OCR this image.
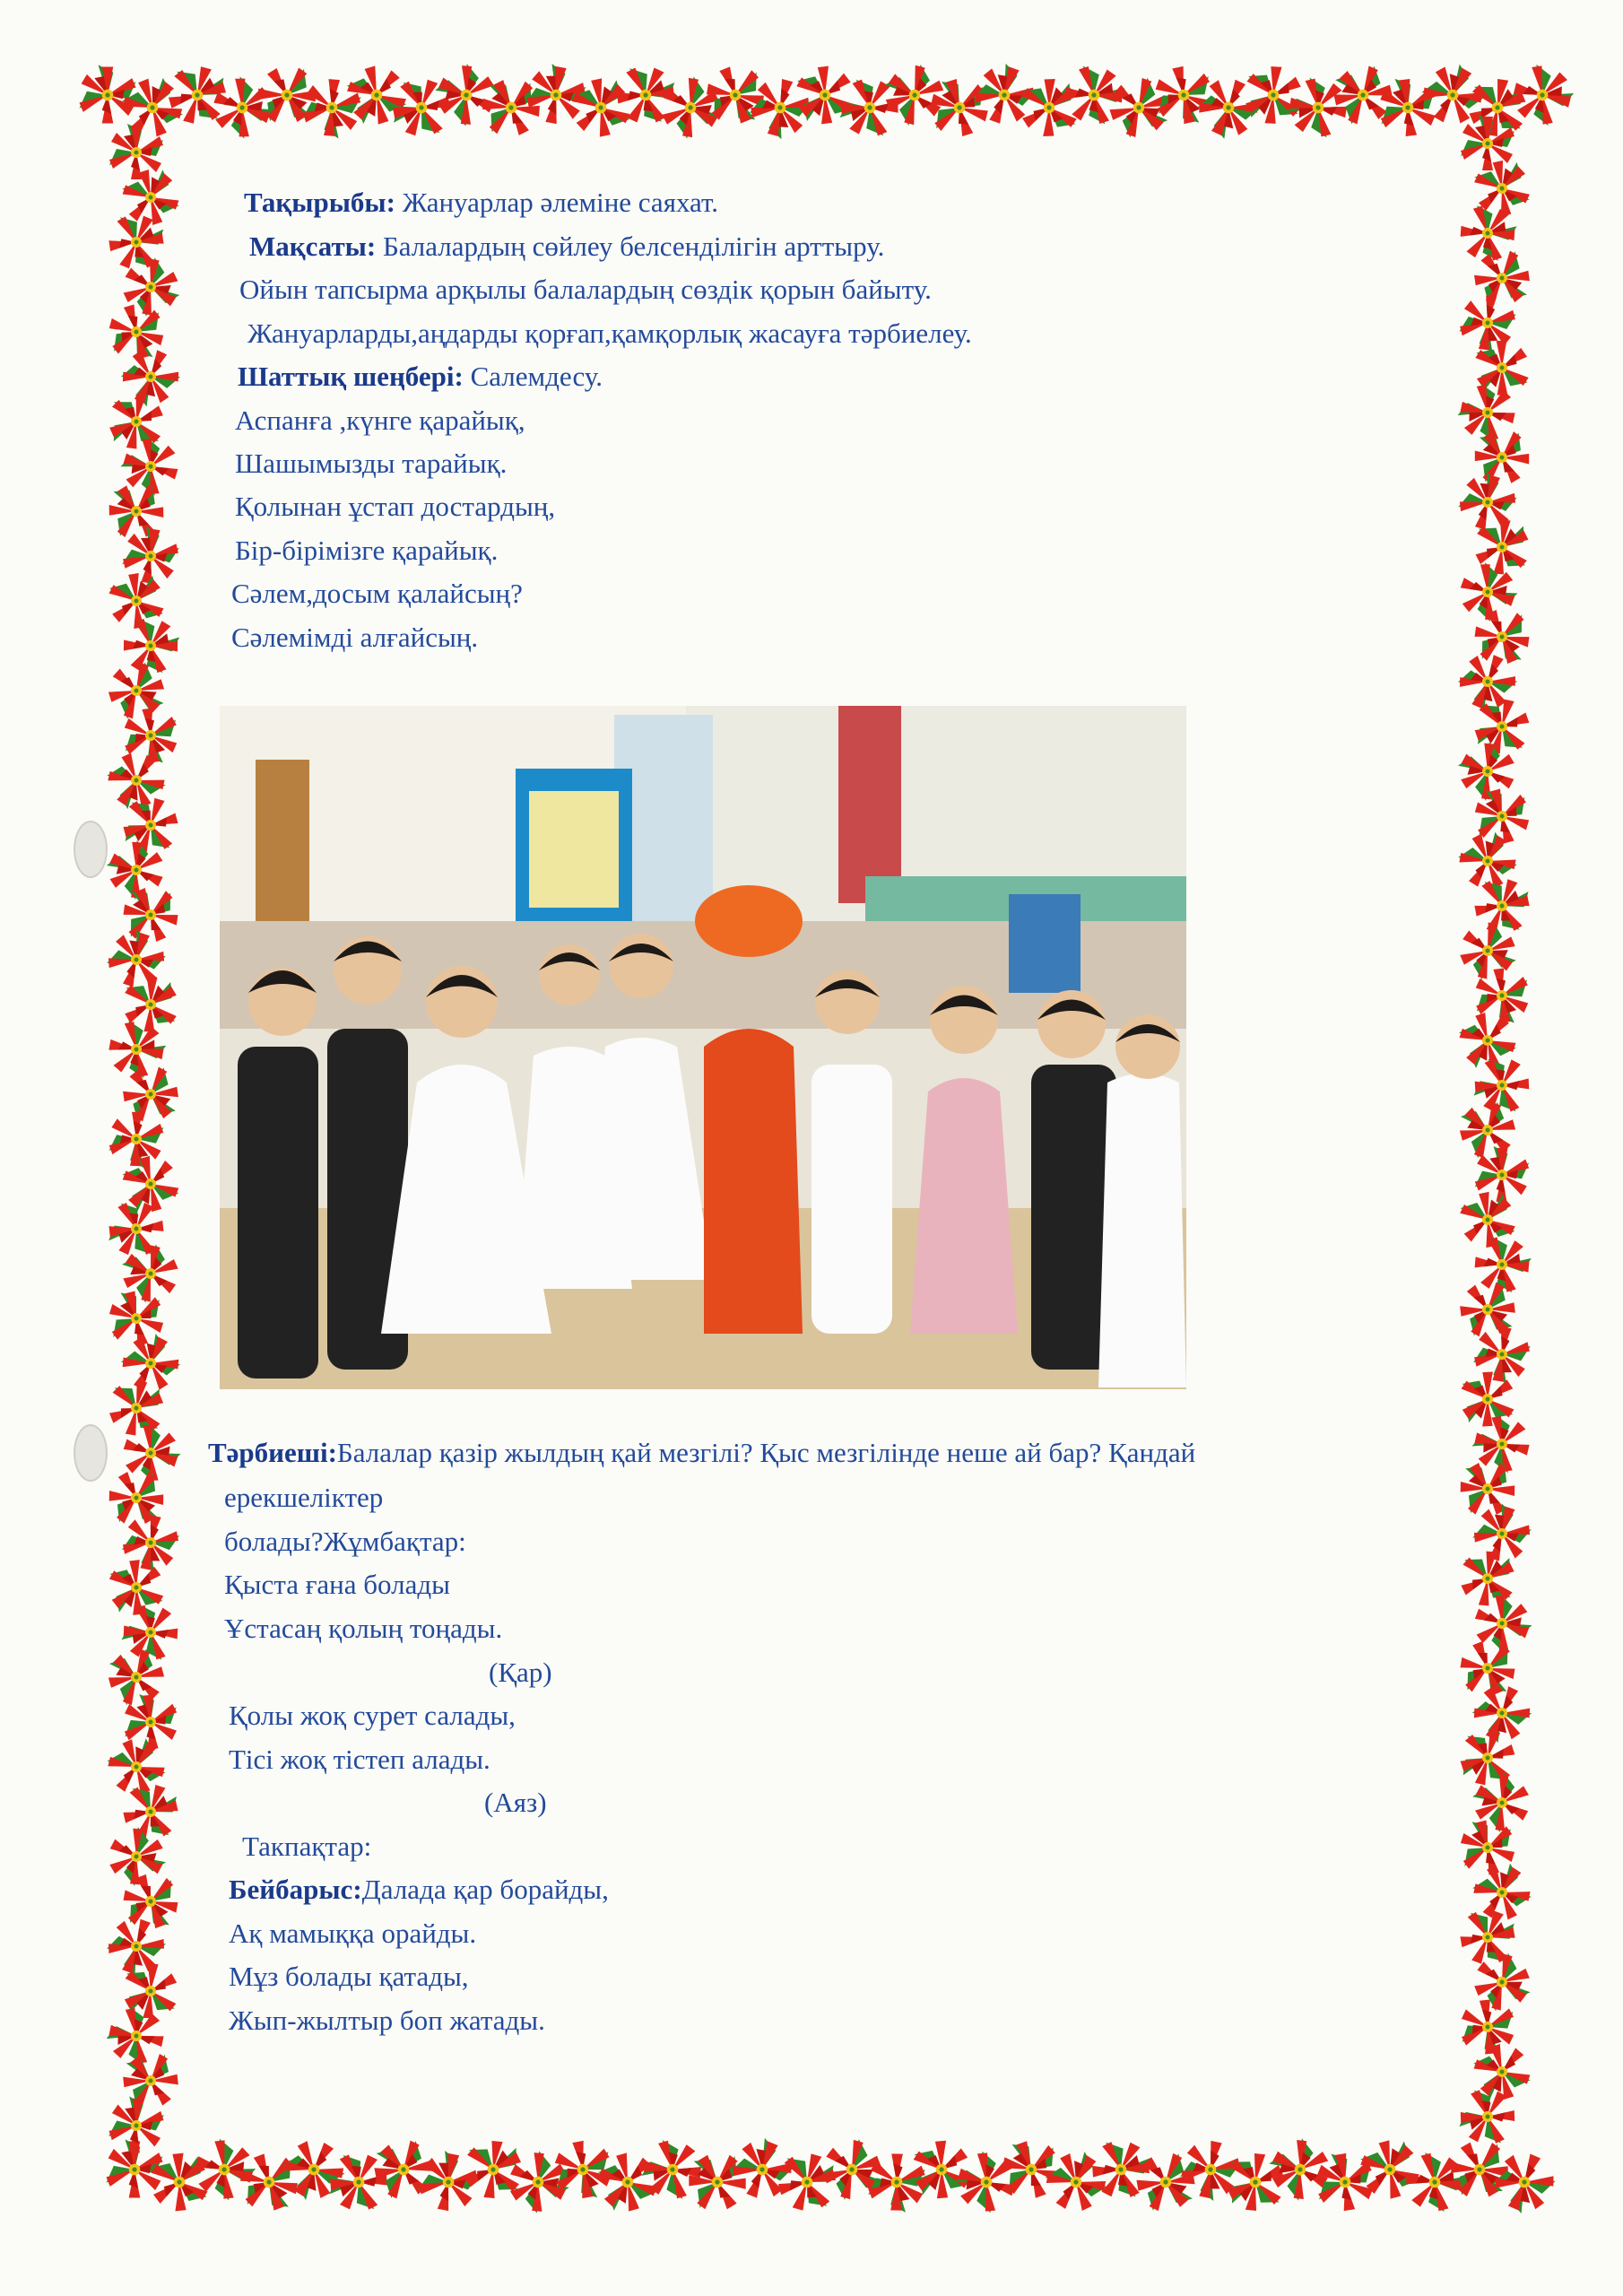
Тақырыбы: Жануарлар әлеміне саяхат.
Мақсаты: Балалардың сөйлеу белсенділігін арттыру.
Ойын тапсырма арқылы балалардың сөздік қорын байыту.
Жануарларды,аңдарды қорғап,қамқорлық жасауға тәрбиелеу.
Шаттық шеңбері: Салемдесу.
Аспанға ,күнге қарайық,
Шашымызды тарайық.
Қолынан ұстап достардың,
Бір-бірімізге қарайық.
Сәлем,досым қалайсың?
Сәлемімді алғайсың.
Тәрбиеші:Балалар қазір жылдың қай мезгілі? Қыс мезгілінде неше ай бар? Қандай
ерекшеліктер
болады?Жұмбақтар:
Қыста ғана болады
Ұстасаң қолың тоңады.
(Қар)
Қолы жоқ сурет салады,
Тісі жоқ тістеп алады.
(Аяз)
Такпақтар:
Бейбарыс:Далада қар борайды,
Ақ мамыққа орайды.
Мұз болады қатады,
Жып-жылтыр боп жатады.
